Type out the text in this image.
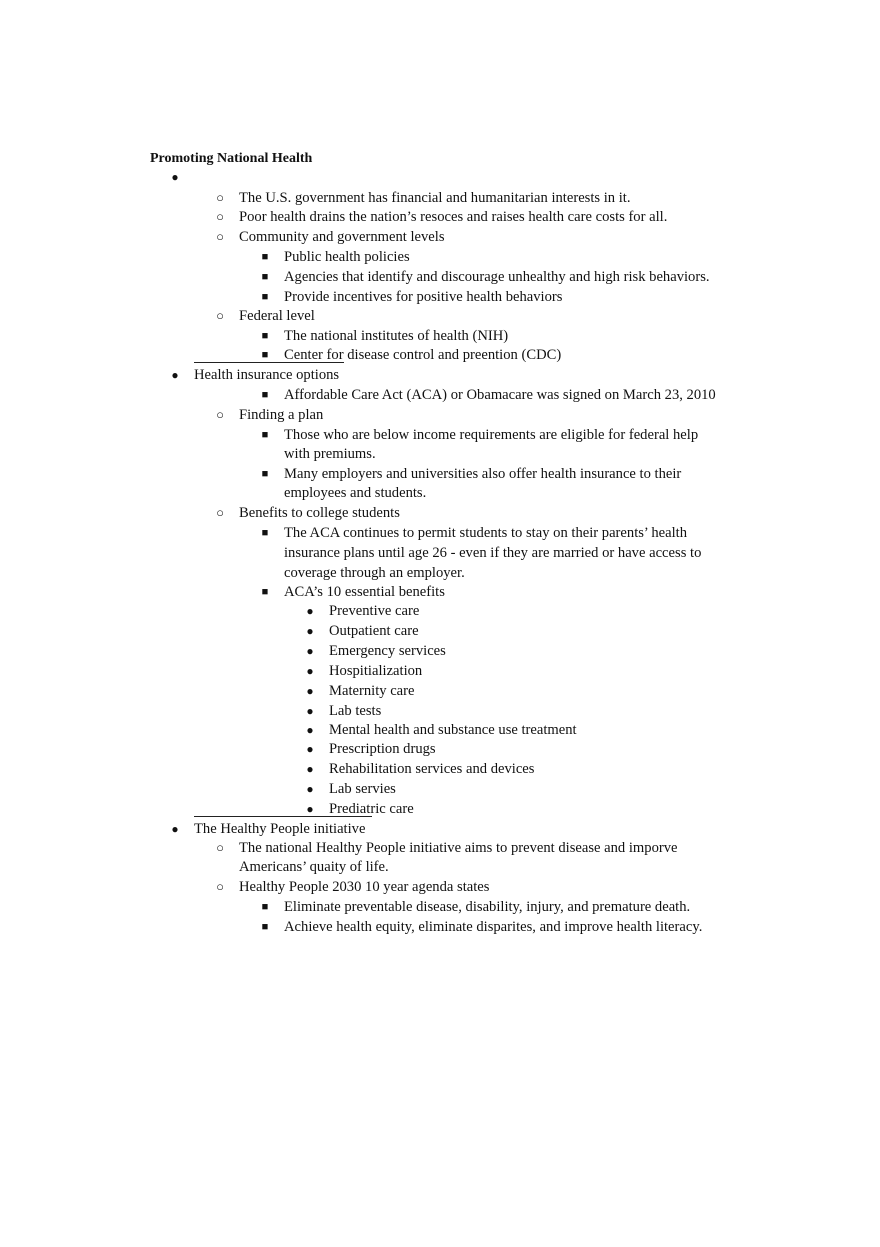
Promoting National Health
●
○ The U.S. government has financial and humanitarian interests in it.
○ Poor health drains the nation’s resoces and raises health care costs for all.
○ Community and government levels
■ Public health policies
■ Agencies that identify and discourage unhealthy and high risk behaviors.
■ Provide incentives for positive health behaviors
○ Federal level
■ The national institutes of health (NIH)
■ Center for disease control and preention (CDC)
● Health insurance options
■ Affordable Care Act (ACA) or Obamacare was signed on March 23, 2010
○ Finding a plan
■ Those who are below income requirements are eligible for federal help
with premiums.
■ Many employers and universities also offer health insurance to their
employees and students.
○ Benefits to college students
■ The ACA continues to permit students to stay on their parents’ health
insurance plans until age 26 - even if they are married or have access to
coverage through an employer.
■ ACA’s 10 essential benefits
● Preventive care
● Outpatient care
● Emergency services
● Hospitialization
● Maternity care
● Lab tests
● Mental health and substance use treatment
● Prescription drugs
● Rehabilitation services and devices
● Lab servies
● Prediatric care
● The Healthy People initiative
○ The national Healthy People initiative aims to prevent disease and imporve
Americans’ quaity of life.
○ Healthy People 2030 10 year agenda states
■ Eliminate preventable disease, disability, injury, and premature death.
■ Achieve health equity, eliminate disparites, and improve health literacy.
